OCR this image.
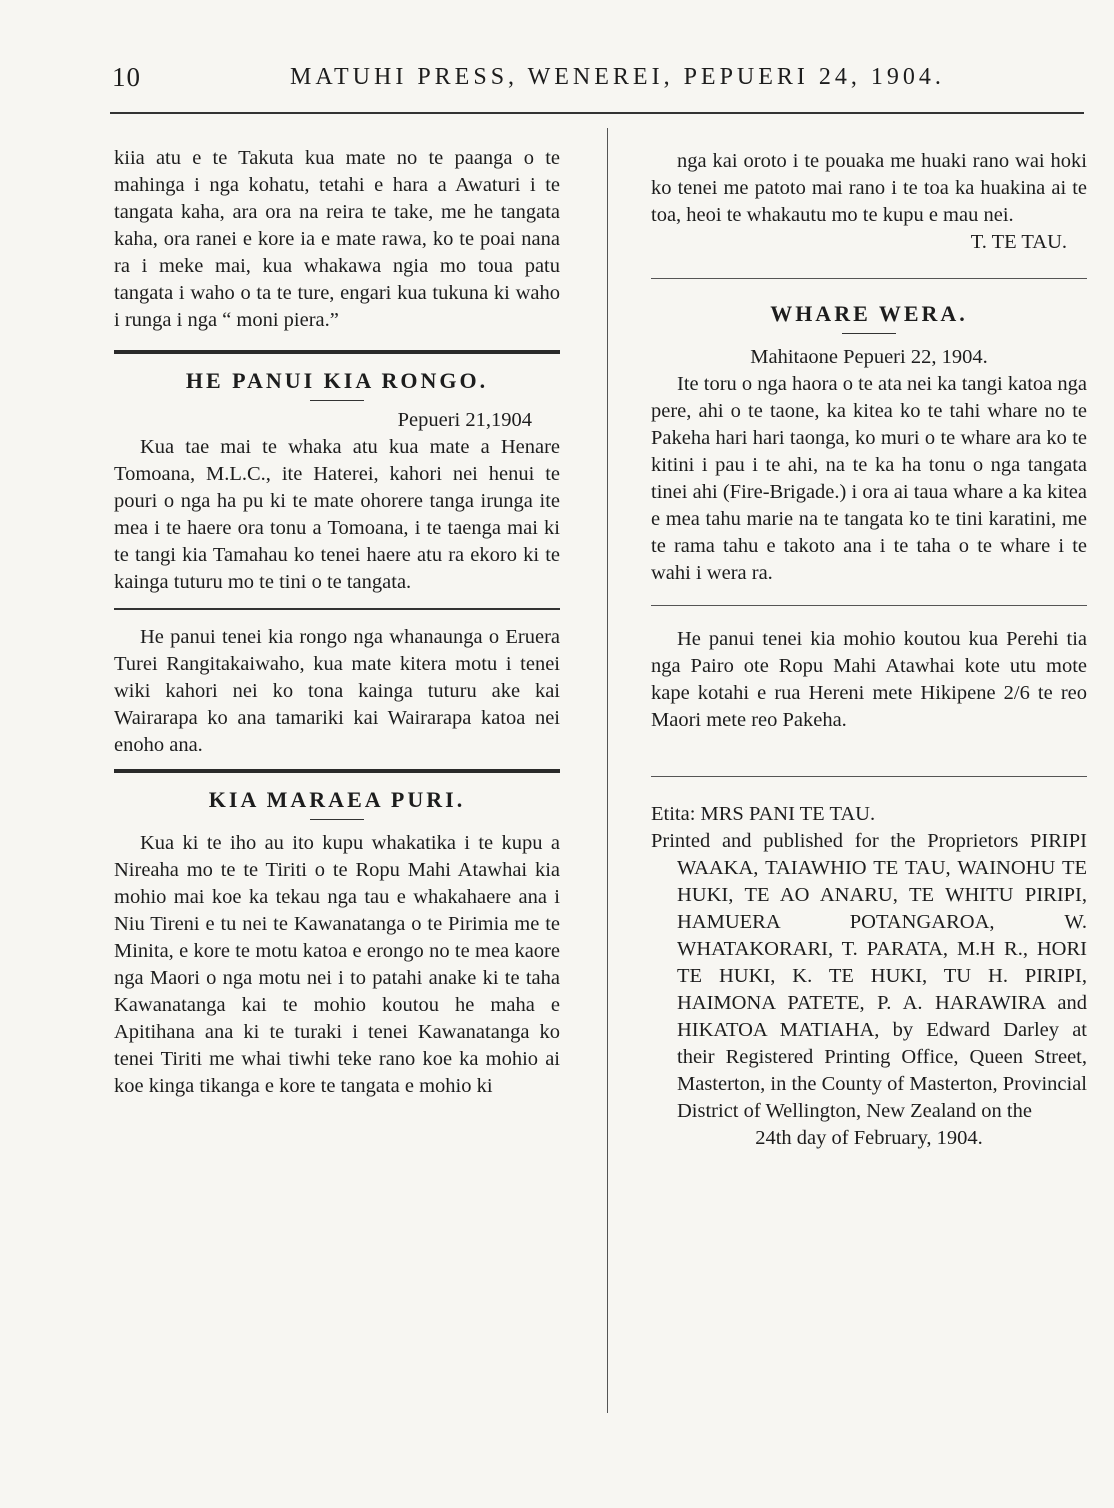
10	MATUHI PRESS, WENEREI, PEPUERI 24, 1904.

kiia atu e te Takuta kua mate no te paanga o te mahinga i nga kohatu, tetahi e hara a Awaturi i te tangata kaha, ara ora na reira te take, me he tangata kaha, ora ranei e kore ia e mate rawa, ko te poai nana ra i meke mai, kua whakawa ngia mo toua patu tangata i waho o ta te ture, engari kua tukuna ki waho i runga i nga “ moni piera.”

HE PANUI KIA RONGO.

Pepueri 21,1904

Kua tae mai te whaka atu kua mate a Henare Tomoana, M.L.C., ite Haterei, kahori nei henui te pouri o nga ha pu ki te mate ohorere tanga irunga ite mea i te haere ora tonu a Tomoana, i te taenga mai ki te tangi kia Tamahau ko tenei haere atu ra ekoro ki te kainga tuturu mo te tini o te tangata.

He panui tenei kia rongo nga whanaunga o Eruera Turei Rangitakaiwaho, kua mate kitera motu i tenei wiki kahori nei ko tona kainga tuturu ake kai Wairarapa ko ana tamariki kai Wairarapa katoa nei enoho ana.

KIA MARAEA PURI.

Kua ki te iho au ito kupu whakatika i te kupu a Nireaha mo te te Tiriti o te Ropu Mahi Atawhai kia mohio mai koe ka tekau nga tau e whakahaere ana i Niu Tireni e tu nei te Kawanatanga o te Pirimia me te Minita, e kore te motu katoa e erongo no te mea kaore nga Maori o nga motu nei i to patahi anake ki te taha Kawanatanga kai te mohio koutou he maha e Apitihana ana ki te turaki i tenei Kawanatanga ko tenei Tiriti me whai tiwhi teke rano koe ka mohio ai koe kinga tikanga e kore te tangata e mohio ki

nga kai oroto i te pouaka me huaki rano wai hoki ko tenei me patoto mai rano i te toa ka huakina ai te toa, heoi te whakautu mo te kupu e mau nei.

T. TE TAU.

WHARE WERA.

Mahitaone Pepueri 22, 1904.

Ite toru o nga haora o te ata nei ka tangi katoa nga pere, ahi o te taone, ka kitea ko te tahi whare no te Pakeha hari hari taonga, ko muri o te whare ara ko te kitini i pau i te ahi, na te ka ha tonu o nga tangata tinei ahi (Fire-Brigade.) i ora ai taua whare a ka kitea e mea tahu marie na te tangata ko te tini karatini, me te rama tahu e takoto ana i te taha o te whare i te wahi i wera ra.

He panui tenei kia mohio koutou kua Perehi tia nga Pairo ote Ropu Mahi Atawhai kote utu mote kape kotahi e rua Hereni mete Hikipene 2/6 te reo Maori mete reo Pakeha.

Etita: MRS PANI TE TAU.

Printed and published for the Proprietors PIRIPI WAAKA, TAIAWHIO TE TAU, WAINOHU TE HUKI, TE AO ANARU, TE WHITU PIRIPI, HAMUERA POTANGAROA, W. WHATAKORARI, T. PARATA, M.H R., HORI TE HUKI, K. TE HUKI, TU H. PIRIPI, HAIMONA PATETE, P. A. HARAWIRA and HIKATOA MATIAHA, by Edward Darley at their Registered Printing Office, Queen Street, Masterton, in the County of Masterton, Provincial District of Wellington, New Zealand on the

24th day of February, 1904.
